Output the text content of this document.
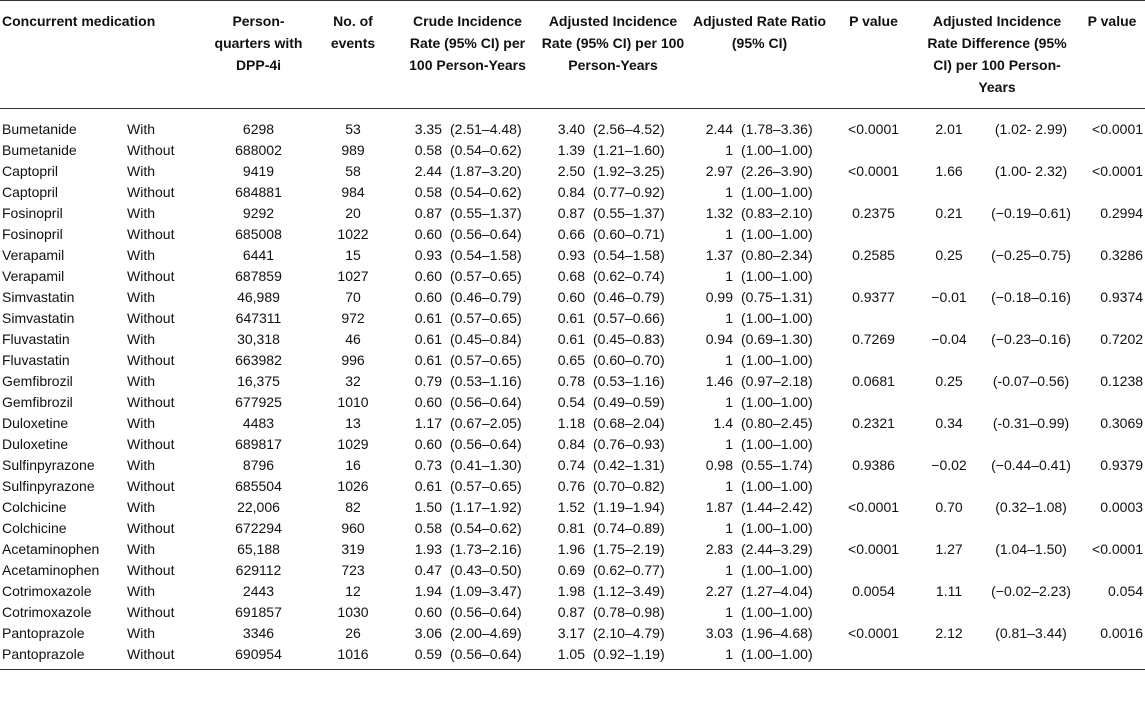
Concurrent medication		Person-quarters with DPP-4i	No. of events	Crude Incidence Rate (95% CI) per 100 Person-Years		Adjusted Incidence Rate (95% CI) per 100 Person-Years		Adjusted Rate Ratio (95% CI)		P value	Adjusted Incidence Rate Difference (95% CI) per 100 Person-Years		P value
Bumetanide	With	6298	53	3.35	(2.51–4.48)	3.40	(2.56–4.52)	2.44	(1.78–3.36)	<0.0001	2.01	(1.02- 2.99)	<0.0001
Bumetanide	Without	688002	989	0.58	(0.54–0.62)	1.39	(1.21–1.60)	1	(1.00–1.00)				
Captopril	With	9419	58	2.44	(1.87–3.20)	2.50	(1.92–3.25)	2.97	(2.26–3.90)	<0.0001	1.66	(1.00- 2.32)	<0.0001
Captopril	Without	684881	984	0.58	(0.54–0.62)	0.84	(0.77–0.92)	1	(1.00–1.00)				
Fosinopril	With	9292	20	0.87	(0.55–1.37)	0.87	(0.55–1.37)	1.32	(0.83–2.10)	0.2375	0.21	(−0.19–0.61)	0.2994
Fosinopril	Without	685008	1022	0.60	(0.56–0.64)	0.66	(0.60–0.71)	1	(1.00–1.00)				
Verapamil	With	6441	15	0.93	(0.54–1.58)	0.93	(0.54–1.58)	1.37	(0.80–2.34)	0.2585	0.25	(−0.25–0.75)	0.3286
Verapamil	Without	687859	1027	0.60	(0.57–0.65)	0.68	(0.62–0.74)	1	(1.00–1.00)				
Simvastatin	With	46,989	70	0.60	(0.46–0.79)	0.60	(0.46–0.79)	0.99	(0.75–1.31)	0.9377	−0.01	(−0.18–0.16)	0.9374
Simvastatin	Without	647311	972	0.61	(0.57–0.65)	0.61	(0.57–0.66)	1	(1.00–1.00)				
Fluvastatin	With	30,318	46	0.61	(0.45–0.84)	0.61	(0.45–0.83)	0.94	(0.69–1.30)	0.7269	−0.04	(−0.23–0.16)	0.7202
Fluvastatin	Without	663982	996	0.61	(0.57–0.65)	0.65	(0.60–0.70)	1	(1.00–1.00)				
Gemfibrozil	With	16,375	32	0.79	(0.53–1.16)	0.78	(0.53–1.16)	1.46	(0.97–2.18)	0.0681	0.25	(-0.07–0.56)	0.1238
Gemfibrozil	Without	677925	1010	0.60	(0.56–0.64)	0.54	(0.49–0.59)	1	(1.00–1.00)				
Duloxetine	With	4483	13	1.17	(0.67–2.05)	1.18	(0.68–2.04)	1.4	(0.80–2.45)	0.2321	0.34	(-0.31–0.99)	0.3069
Duloxetine	Without	689817	1029	0.60	(0.56–0.64)	0.84	(0.76–0.93)	1	(1.00–1.00)				
Sulfinpyrazone	With	8796	16	0.73	(0.41–1.30)	0.74	(0.42–1.31)	0.98	(0.55–1.74)	0.9386	−0.02	(−0.44–0.41)	0.9379
Sulfinpyrazone	Without	685504	1026	0.61	(0.57–0.65)	0.76	(0.70–0.82)	1	(1.00–1.00)				
Colchicine	With	22,006	82	1.50	(1.17–1.92)	1.52	(1.19–1.94)	1.87	(1.44–2.42)	<0.0001	0.70	(0.32–1.08)	0.0003
Colchicine	Without	672294	960	0.58	(0.54–0.62)	0.81	(0.74–0.89)	1	(1.00–1.00)				
Acetaminophen	With	65,188	319	1.93	(1.73–2.16)	1.96	(1.75–2.19)	2.83	(2.44–3.29)	<0.0001	1.27	(1.04–1.50)	<0.0001
Acetaminophen	Without	629112	723	0.47	(0.43–0.50)	0.69	(0.62–0.77)	1	(1.00–1.00)				
Cotrimoxazole	With	2443	12	1.94	(1.09–3.47)	1.98	(1.12–3.49)	2.27	(1.27–4.04)	0.0054	1.11	(−0.02–2.23)	0.054
Cotrimoxazole	Without	691857	1030	0.60	(0.56–0.64)	0.87	(0.78–0.98)	1	(1.00–1.00)				
Pantoprazole	With	3346	26	3.06	(2.00–4.69)	3.17	(2.10–4.79)	3.03	(1.96–4.68)	<0.0001	2.12	(0.81–3.44)	0.0016
Pantoprazole	Without	690954	1016	0.59	(0.56–0.64)	1.05	(0.92–1.19)	1	(1.00–1.00)				
